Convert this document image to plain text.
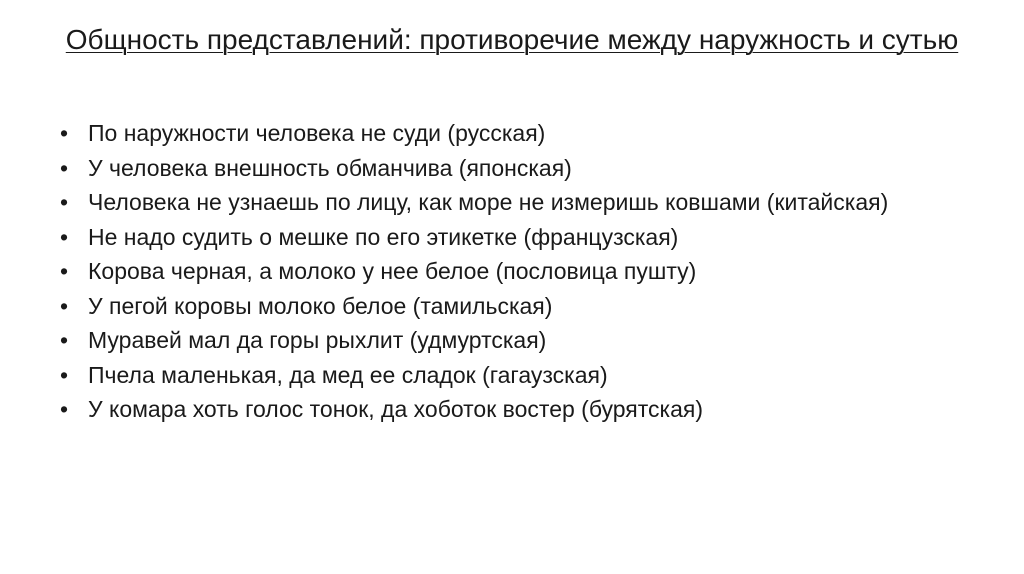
Общность представлений: противоречие между наружность и сутью
• По наружности человека не суди (русская)
• У человека внешность обманчива (японская)
• Человека не узнаешь по лицу, как море не измеришь ковшами (китайская)
• Не надо судить о мешке по его этикетке (французская)
• Корова черная, а молоко у нее белое (пословица пушту)
• У пегой коровы молоко белое (тамильская)
• Муравей мал да горы рыхлит (удмуртская)
• Пчела маленькая, да мед ее сладок (гагаузская)
• У комара хоть голос тонок, да хоботок востер (бурятская)
